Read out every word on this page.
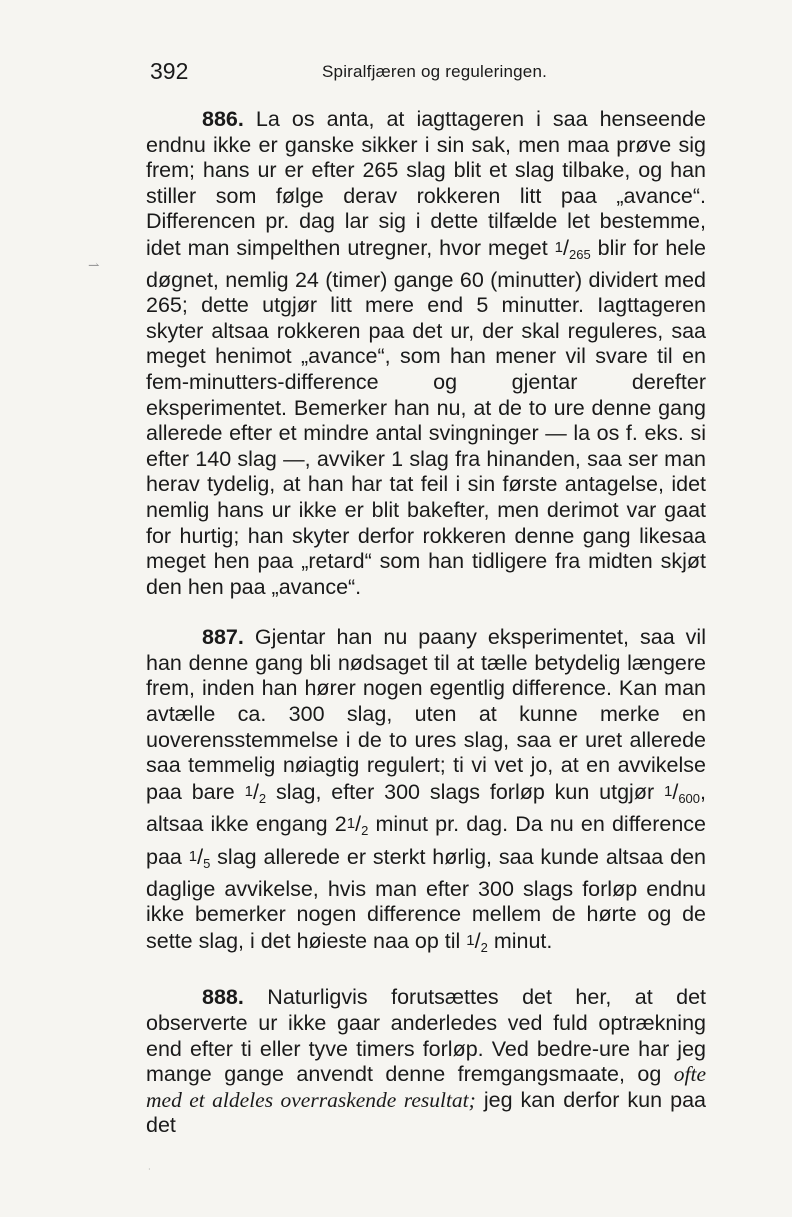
392	Spiralfjæren og reguleringen.
⇀

886. La os anta, at iagttageren i saa henseende endnu ikke er ganske sikker i sin sak, men maa prøve sig frem; hans ur er efter 265 slag blit et slag tilbake, og han stiller som følge derav rokkeren litt paa „avance“. Differencen pr. dag lar sig i dette tilfælde let bestemme, idet man simpelthen utregner, hvor meget 1/265 blir for hele døgnet, nemlig 24 (timer) gange 60 (minutter) dividert med 265; dette utgjør litt mere end 5 minutter. Iagttageren skyter altsaa rokkeren paa det ur, der skal reguleres, saa meget henimot „avance“, som han mener vil svare til en fem-minutters-difference og gjentar derefter eksperimentet. Bemerker han nu, at de to ure denne gang allerede efter et mindre antal svingninger — la os f. eks. si efter 140 slag —, avviker 1 slag fra hinanden, saa ser man herav tydelig, at han har tat feil i sin første antagelse, idet nemlig hans ur ikke er blit bakefter, men derimot var gaat for hurtig; han skyter derfor rokkeren denne gang likesaa meget hen paa „retard“ som han tidligere fra midten skjøt den hen paa „avance“.

887. Gjentar han nu paany eksperimentet, saa vil han denne gang bli nødsaget til at tælle betydelig længere frem, inden han hører nogen egentlig difference. Kan man avtælle ca. 300 slag, uten at kunne merke en uoverensstemmelse i de to ures slag, saa er uret allerede saa temmelig nøiagtig regulert; ti vi vet jo, at en avvikelse paa bare 1/2 slag, efter 300 slags forløp kun utgjør 1/600, altsaa ikke engang 21/2 minut pr. dag. Da nu en difference paa 1/5 slag allerede er sterkt hørlig, saa kunde altsaa den daglige avvikelse, hvis man efter 300 slags forløp endnu ikke bemerker nogen difference mellem de hørte og de sette slag, i det høieste naa op til 1/2 minut.

888. Naturligvis forutsættes det her, at det observerte ur ikke gaar anderledes ved fuld optrækning end efter ti eller tyve timers forløp. Ved bedre-ure har jeg mange gange anvendt denne fremgangsmaate, og ofte med et aldeles overraskende resultat; jeg kan derfor kun paa det

·
